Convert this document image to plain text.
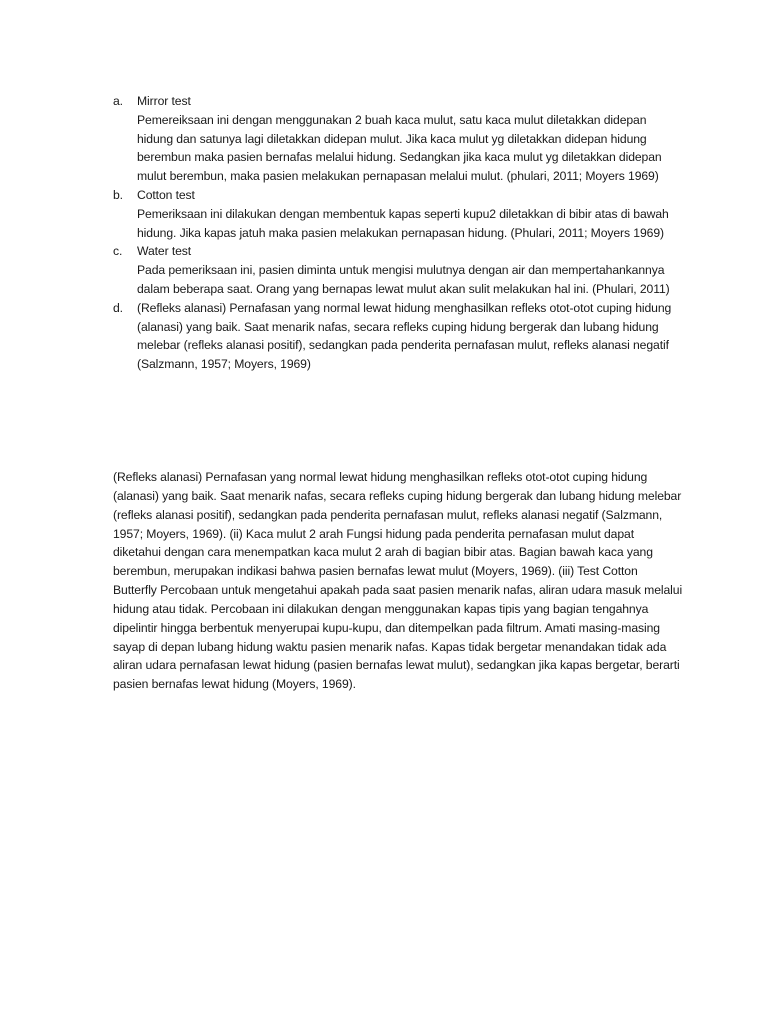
a.	Mirror test
Pemereiksaan ini dengan menggunakan 2 buah kaca mulut, satu kaca mulut diletakkan didepan hidung dan satunya lagi diletakkan didepan mulut. Jika kaca mulut yg diletakkan didepan hidung berembun maka pasien bernafas melalui hidung. Sedangkan jika kaca mulut yg diletakkan didepan mulut berembun, maka pasien melakukan pernapasan melalui mulut. (phulari, 2011; Moyers 1969)
b.	Cotton test
Pemeriksaan ini dilakukan dengan membentuk kapas seperti kupu2 diletakkan di bibir atas di bawah hidung. Jika kapas jatuh maka pasien melakukan pernapasan hidung. (Phulari, 2011; Moyers 1969)
c.	Water test
Pada pemeriksaan ini, pasien diminta untuk mengisi mulutnya dengan air dan mempertahankannya dalam beberapa saat. Orang yang bernapas lewat mulut akan sulit melakukan hal ini. (Phulari, 2011)
d.	(Refleks alanasi) Pernafasan yang normal lewat hidung menghasilkan refleks otot-otot cuping hidung (alanasi) yang baik. Saat menarik nafas, secara refleks cuping hidung bergerak dan lubang hidung melebar (refleks alanasi positif), sedangkan pada penderita pernafasan mulut, refleks alanasi negatif (Salzmann, 1957; Moyers, 1969)

(Refleks alanasi) Pernafasan yang normal lewat hidung menghasilkan refleks otot-otot cuping hidung (alanasi) yang baik. Saat menarik nafas, secara refleks cuping hidung bergerak dan lubang hidung melebar (refleks alanasi positif), sedangkan pada penderita pernafasan mulut, refleks alanasi negatif (Salzmann, 1957; Moyers, 1969). (ii) Kaca mulut 2 arah Fungsi hidung pada penderita pernafasan mulut dapat diketahui dengan cara menempatkan kaca mulut 2 arah di bagian bibir atas. Bagian bawah kaca yang berembun, merupakan indikasi bahwa pasien bernafas lewat mulut (Moyers, 1969). (iii) Test Cotton Butterfly Percobaan untuk mengetahui apakah pada saat pasien menarik nafas, aliran udara masuk melalui hidung atau tidak. Percobaan ini dilakukan dengan menggunakan kapas tipis yang bagian tengahnya dipelintir hingga berbentuk menyerupai kupu-kupu, dan ditempelkan pada filtrum. Amati masing-masing sayap di depan lubang hidung waktu pasien menarik nafas. Kapas tidak bergetar menandakan tidak ada aliran udara pernafasan lewat hidung (pasien bernafas lewat mulut), sedangkan jika kapas bergetar, berarti pasien bernafas lewat hidung (Moyers, 1969).
